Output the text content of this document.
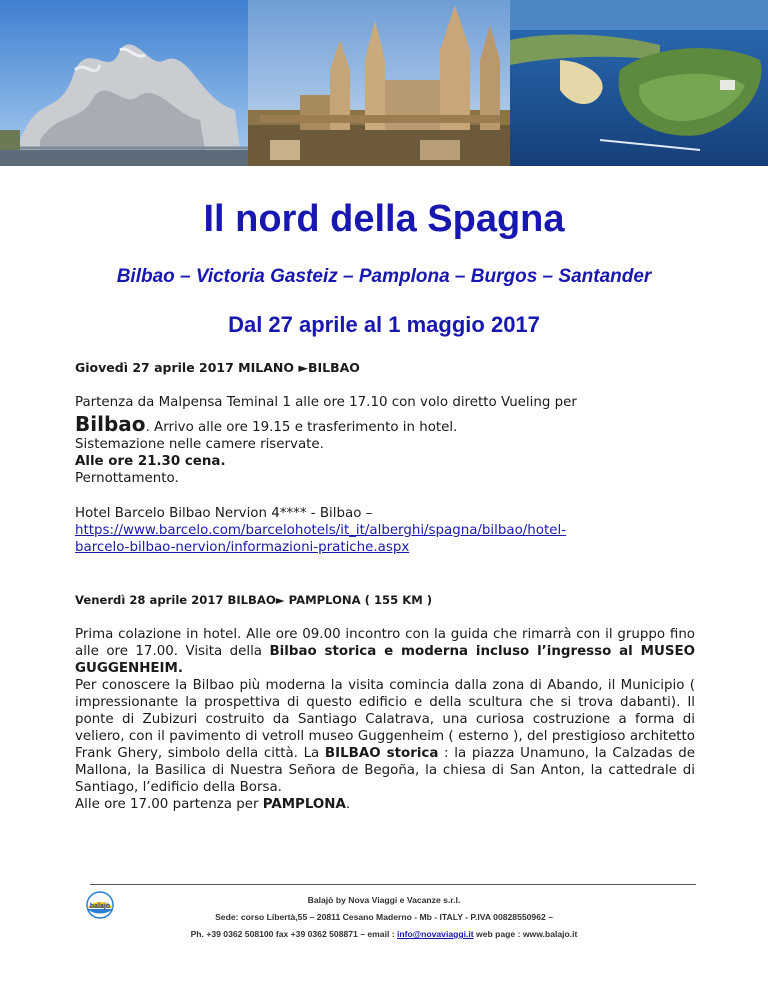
Il nord della Spagna
Bilbao – Victoria Gasteiz – Pamplona – Burgos – Santander
Dal 27 aprile al 1 maggio 2017
Giovedì 27 aprile 2017 MILANO ►BILBAO
Partenza da Malpensa Teminal 1 alle ore 17.10 con volo diretto Vueling per
Bilbao. Arrivo alle ore 19.15 e trasferimento in hotel.
Sistemazione nelle camere riservate.
Alle ore 21.30 cena.
Pernottamento.
Hotel Barcelo Bilbao Nervion 4**** - Bilbao –
https://www.barcelo.com/barcelohotels/it_it/alberghi/spagna/bilbao/hotel-
barcelo-bilbao-nervion/informazioni-pratiche.aspx
Venerdì 28 aprile 2017 BILBAO► PAMPLONA ( 155 KM )
Prima colazione in hotel. Alle ore 09.00 incontro con la guida che rimarrà con il gruppo fino alle ore 17.00. Visita della Bilbao storica e moderna incluso l’ingresso al MUSEO GUGGENHEIM.
Per conoscere la Bilbao più moderna la visita comincia dalla zona di Abando, il Municipio ( impressionante la prospettiva di questo edificio e della scultura che si trova dabanti). Il ponte di Zubizuri costruito da Santiago Calatrava, una curiosa costruzione a forma di veliero, con il pavimento di vetroll museo Guggenheim ( esterno ), del prestigioso architetto Frank Ghery, simbolo della città. La BILBAO storica : la piazza Unamuno, la Calzadas de Mallona, la Basilica di Nuestra Señora de Begoña, la chiesa di San Anton, la cattedrale di Santiago, l’edificio della Borsa.
Alle ore 17.00 partenza per PAMPLONA.
balajò
Balajò by Nova Viaggi e Vacanze s.r.l.
Sede: corso Libertà,55 – 20811 Cesano Maderno - Mb - ITALY - P.IVA 00828550962 –
Ph. +39 0362 508100 fax +39 0362 508871 – email : info@novaviaggi.it web page : www.balajo.it
